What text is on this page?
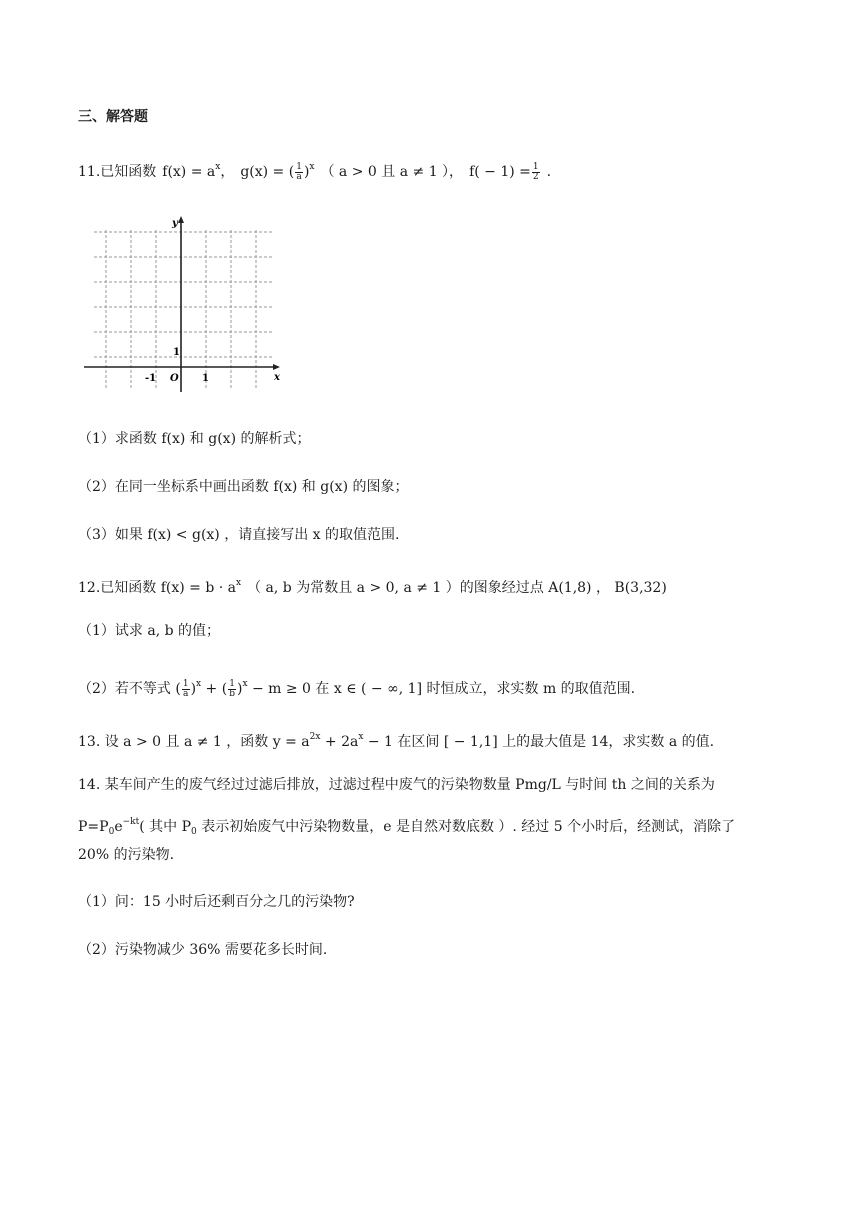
三、解答题
11.已知函数 $f(x) = a^x$， g(x) = ( $\frac{1}{a} )^x$ （ a > 0 且 a ≠ 1 ）， $f( - 1) = \frac{1}{2}$ .
x
y
O 1
-1
1
（1）求函数 f(x) 和 g(x) 的解析式；
（2）在同一坐标系中画出函数 f(x) 和 g(x) 的图象；
（3）如果 f(x) < g(x) ，请直接写出 x 的取值范围.
12.已知函数 $f(x) = b \cdot a^x$ （ a, b 为常数且 a > 0, a ≠ 1 ）的图象经过点 A(1,8) ， B(3,32)
（1）试求 a, b 的值；
（2）若不等式 ( $\frac{1}{a} )^x$ + ( $\frac{1}{b} )^x - m \ge 0$ 在 x ∈ ( − ∞, 1] 时恒成立，求实数 m 的取值范围.
13. 设 a > 0 且 a ≠ 1 ，函数 $y = a^{2x} + 2a^x - 1$ 在区间 [ − 1,1] 上的最大值是 14，求实数 a 的值.
14. 某车间产生的废气经过过滤后排放，过滤过程中废气的污染物数量 Pmg/L 与时间 th 之间的关系为
$P=P_0e^{-kt}$( 其中 $P_0$ 表示初始废气中污染物数量，e 是自然对数底数 ）. 经过 5 个小时后，经测试，消除了
20% 的污染物.
（1）问：15 小时后还剩百分之几的污染物?
（2）污染物减少 36% 需要花多长时间.
